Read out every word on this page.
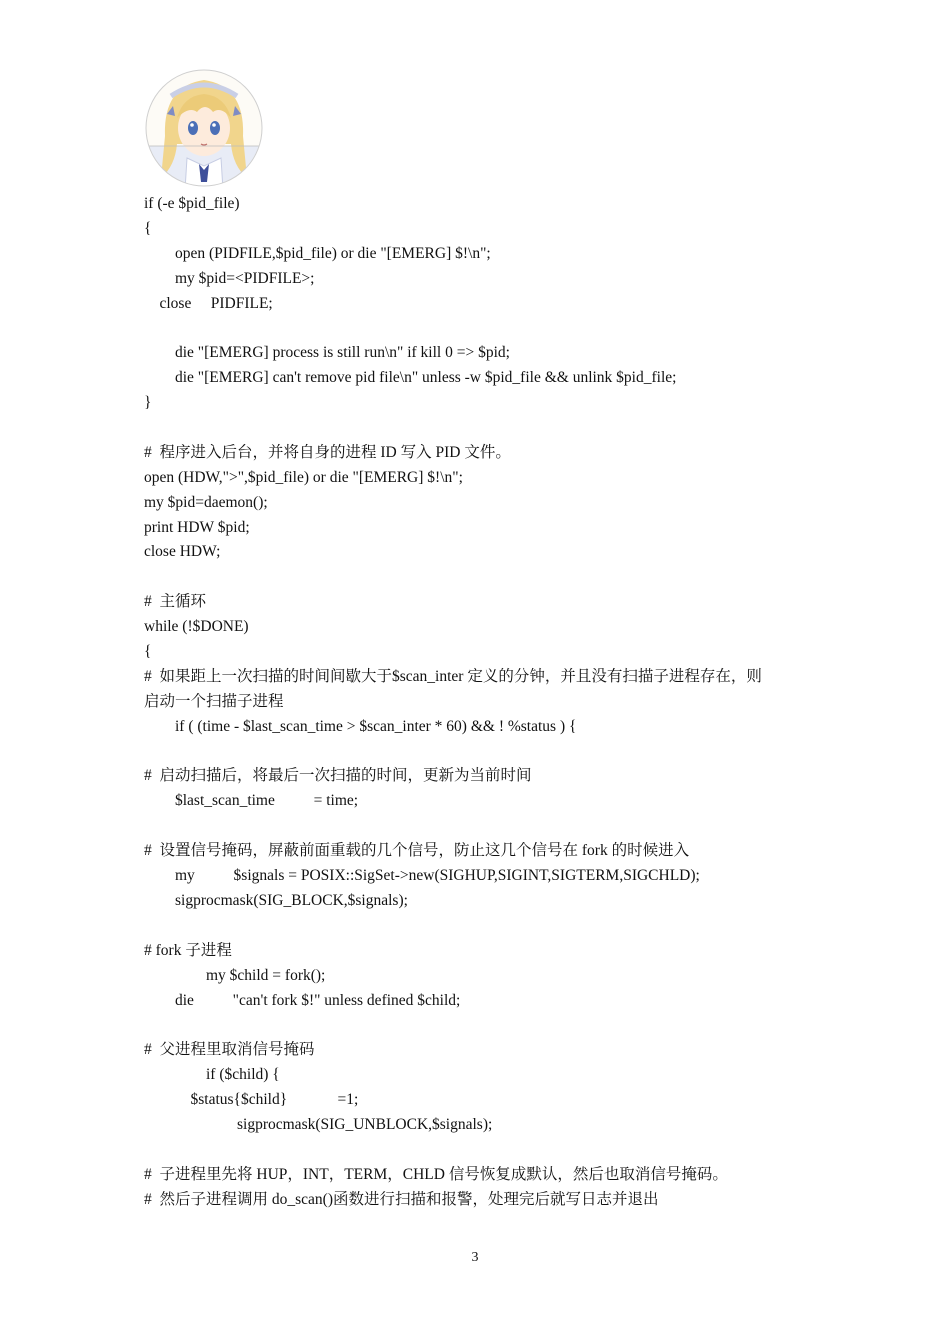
if (-e $pid_file)
{
open (PIDFILE,$pid_file) or die "[EMERG] $!\n";
my $pid=<PIDFILE>;
close     PIDFILE;
die "[EMERG] process is still run\n" if kill 0 => $pid;
die "[EMERG] can't remove pid file\n" unless -w $pid_file && unlink $pid_file;
}
#  程序进入后台，并将自身的进程 ID 写入 PID 文件。
open (HDW,">",$pid_file) or die "[EMERG] $!\n";
my $pid=daemon();
print HDW $pid;
close HDW;
#  主循环
while (!$DONE)
{
#  如果距上一次扫描的时间间歇大于$scan_inter 定义的分钟，并且没有扫描子进程存在，则
启动一个扫描子进程
if ( (time - $last_scan_time > $scan_inter * 60) && ! %status ) {
#  启动扫描后，将最后一次扫描的时间，更新为当前时间
$last_scan_time          = time;
#  设置信号掩码，屏蔽前面重载的几个信号，防止这几个信号在 fork 的时候进入
my          $signals = POSIX::SigSet->new(SIGHUP,SIGINT,SIGTERM,SIGCHLD);
sigprocmask(SIG_BLOCK,$signals);
# fork 子进程
my $child = fork();
die          "can't fork $!" unless defined $child;
#  父进程里取消信号掩码
if ($child) {
$status{$child}             =1;
sigprocmask(SIG_UNBLOCK,$signals);
#  子进程里先将 HUP，INT，TERM，CHLD 信号恢复成默认，然后也取消信号掩码。
#  然后子进程调用 do_scan()函数进行扫描和报警，处理完后就写日志并退出
3
